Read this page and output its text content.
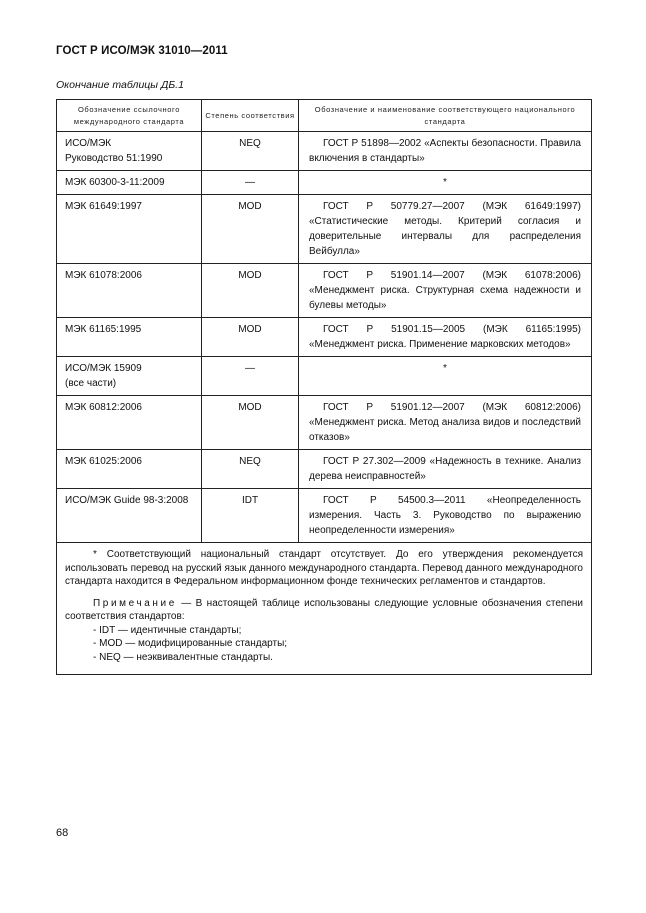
ГОСТ Р ИСО/МЭК 31010—2011
Окончание таблицы ДБ.1
Обозначение ссылочного международного стандарта	Степень соответствия	Обозначение и наименование соответствующего национального стандарта
ИСО/МЭК
Руководство 51:1990	NEQ	ГОСТ Р 51898—2002 «Аспекты безопасности. Правила включения в стандарты»
МЭК 60300-3-11:2009	—	*
МЭК 61649:1997	MOD	ГОСТ Р 50779.27—2007 (МЭК 61649:1997) «Статистические методы. Критерий согласия и доверительные интервалы для распределения Вейбулла»
МЭК 61078:2006	MOD	ГОСТ Р 51901.14—2007 (МЭК 61078:2006) «Менеджмент риска. Структурная схема надежности и булевы методы»
МЭК 61165:1995	MOD	ГОСТ Р 51901.15—2005 (МЭК 61165:1995) «Менеджмент риска. Применение марковских методов»
ИСО/МЭК 15909
(все части)	—	*
МЭК 60812:2006	MOD	ГОСТ Р 51901.12—2007 (МЭК 60812:2006) «Менеджмент риска. Метод анализа видов и последствий отказов»
МЭК 61025:2006	NEQ	ГОСТ Р 27.302—2009 «Надежность в технике. Анализ дерева неисправностей»
ИСО/МЭК Guide 98-3:2008	IDT	ГОСТ Р 54500.3—2011 «Неопределенность измерения. Часть 3. Руководство по выражению неопределенности измерения»

* Соответствующий национальный стандарт отсутствует. До его утверждения рекомендуется использовать перевод на русский язык данного международного стандарта. Перевод данного международного стандарта находится в Федеральном информационном фонде технических регламентов и стандартов.

Примечание — В настоящей таблице использованы следующие условные обозначения степени соответствия стандартов:

- IDT — идентичные стандарты;

- MOD — модифицированные стандарты;

- NEQ — неэквивалентные стандарты.		

68
